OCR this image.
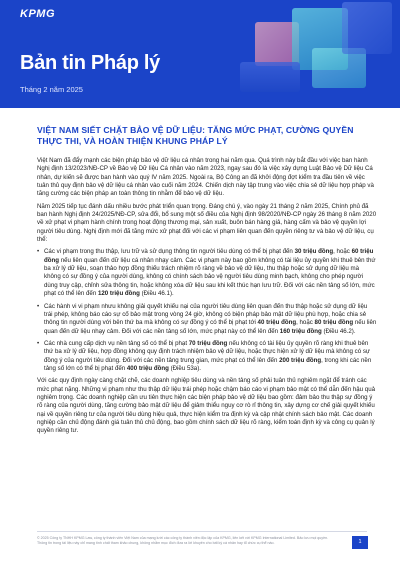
KPMG
Bản tin Pháp lý
Tháng 2 năm 2025
VIỆT NAM SIẾT CHẶT BẢO VỆ DỮ LIỆU: TĂNG MỨC PHẠT, CƯỜNG QUYỀN THỰC THI, VÀ HOÀN THIỆN KHUNG PHÁP LÝ

Việt Nam đã đẩy mạnh các biện pháp bảo vệ dữ liệu cá nhân trong hai năm qua. Quá trình này bắt đầu với việc ban hành Nghị định 13/2023/NĐ-CP về Bảo vệ Dữ liệu Cá nhân vào năm 2023, ngay sau đó là việc xây dựng Luật Bảo vệ Dữ liệu Cá nhân, dự kiến sẽ được ban hành vào quý IV năm 2025. Ngoài ra, Bộ Công an đã khởi động đợt kiểm tra đầu tiên về việc tuân thủ quy định bảo vệ dữ liệu cá nhân vào cuối năm 2024. Chiến dịch này tập trung vào việc chia sẻ dữ liệu hợp pháp và tăng cường các biện pháp an toàn thông tin nhằm để bảo vệ dữ liệu.

Năm 2025 tiếp tục đánh dấu nhiều bước phát triển quan trọng. Đáng chú ý, vào ngày 21 tháng 2 năm 2025, Chính phủ đã ban hành Nghị định 24/2025/NĐ-CP, sửa đổi, bổ sung một số điều của Nghị định 98/2020/NĐ-CP ngày 26 tháng 8 năm 2020 về xử phạt vi phạm hành chính trong hoạt động thương mại, sản xuất, buôn bán hàng giả, hàng cấm và bảo vệ quyền lợi người tiêu dùng. Nghị định mới đã tăng mức xử phạt đối với các vi phạm liên quan đến quyền riêng tư và bảo vệ dữ liệu, cụ thể:

• Các vi phạm trong thu thập, lưu trữ và sử dụng thông tin người tiêu dùng có thể bị phạt đến 30 triệu đồng, hoặc 60 triệu đồng nếu liên quan đến dữ liệu cá nhân nhạy cảm. Các vi phạm này bao gồm không có tài liệu ủy quyền khi thuê bên thứ ba xử lý dữ liệu, soạn thảo hợp đồng thiếu trách nhiệm rõ ràng về bảo vệ dữ liệu, thu thập hoặc sử dụng dữ liệu mà không có sự đồng ý của người dùng, không có chính sách bảo vệ người tiêu dùng minh bạch, không cho phép người dùng truy cập, chỉnh sửa thông tin, hoặc không xóa dữ liệu sau khi kết thúc hạn lưu trữ. Đối với các nền tảng số lớn, mức phạt có thể lên đến 120 triệu đồng (Điều 46.1).
• Các hành vi vi phạm nhưu không giải quyết khiếu nại của người tiêu dùng liên quan đến thu thập hoặc sử dụng dữ liệu trái phép, không báo cáo sự cố bảo mật trong vòng 24 giờ, không có biện pháp bảo mật dữ liệu phù hợp, hoặc chia sẻ thông tin người dùng với bên thứ ba mà không có sự đồng ý có thể bị phạt tới 40 triệu đồng, hoặc 80 triệu đồng nếu liên quan đến dữ liệu nhạy cảm. Đối với các nền tảng số lớn, mức phạt này có thể lên đến 160 triệu đồng (Điều 46.2).
• Các nhà cung cấp dịch vụ nền tảng số có thể bị phạt 70 triệu đồng nếu không có tài liệu ủy quyền rõ ràng khi thuê bên thứ ba xử lý dữ liệu, hợp đồng không quy định trách nhiệm bảo vệ dữ liệu, hoặc thực hiện xử lý dữ liệu mà không có sự đồng ý của người tiêu dùng. Đối với các nền tảng trung gian, mức phạt có thể lên đến 200 triệu đồng, trong khi các nền tảng số lớn có thể bị phạt đến 400 triệu đồng (Điều 53a).

Với các quy định ngày càng chặt chẽ, các doanh nghiệp tiêu dùng và nền tảng số phải tuân thủ nghiêm ngặt để tránh các mức phạt nặng. Những vi phạm như thu thập dữ liệu trái phép hoặc chậm báo cáo vi phạm bảo mật có thể dẫn đến hậu quả nghiêm trọng. Các doanh nghiệp cần ưu tiên thực hiện các biện pháp bảo vệ dữ liệu bao gồm: đảm bảo thu thập sự đồng ý rõ ràng của người dùng, tăng cường bảo mật dữ liệu để giảm thiểu nguy cơ rò rỉ thông tin, xây dựng cơ chế giải quyết khiếu nại về quyền riêng tư của người tiêu dùng hiệu quả, thực hiện kiểm tra định kỳ và cập nhật chính sách bảo mật. Các doanh nghiệp cần chủ động đánh giá tuân thủ chủ động, bao gồm chính sách dữ liệu rõ ràng, kiểm toán định kỳ và công cụ quản lý quyền riêng tư.

© 2025 Công ty TNHH KPMG Law, công ty thành viên Việt Nam của mạng lưới các công ty thành viên độc lập của KPMG, liên kết với KPMG International Limited. Bảo lưu mọi quyền. Thông tin trong tài liệu này chỉ mang tính chất tham khảo chung, không nhằm mục đích đưa ra lời khuyên cho bất kỳ cá nhân hay tổ chức cụ thể nào.	1
